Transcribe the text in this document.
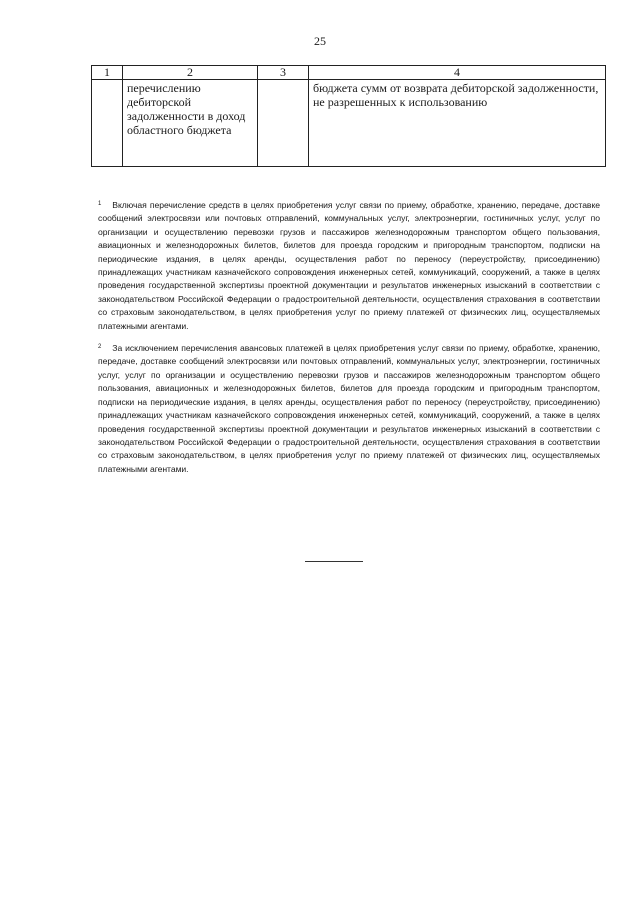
25
1	2	3	4
	перечислению дебиторской задолженности в доход областного бюджета		бюджета сумм от возврата дебиторской задолженности, не разрешенных к использованию

$^1$ Включая перечисление средств в целях приобретения услуг связи по приему, обработке, хранению, передаче, доставке сообщений электросвязи или почтовых отправлений, коммунальных услуг, электроэнергии, гостиничных услуг, услуг по организации и осуществлению перевозки грузов и пассажиров железнодорожным транспортом общего пользования, авиационных и железнодорожных билетов, билетов для проезда городским и пригородным транспортом, подписки на периодические издания, в целях аренды, осуществления работ по переносу (переустройству, присоединению) принадлежащих участникам казначейского сопровождения инженерных сетей, коммуникаций, сооружений, а также в целях проведения государственной экспертизы проектной документации и результатов инженерных изысканий в соответствии с законодательством Российской Федерации о градостроительной деятельности, осуществления страхования в соответствии со страховым законодательством, в целях приобретения услуг по приему платежей от физических лиц, осуществляемых платежными агентами.

$^2$ За исключением перечисления авансовых платежей в целях приобретения услуг связи по приему, обработке, хранению, передаче, доставке сообщений электросвязи или почтовых отправлений, коммунальных услуг, электроэнергии, гостиничных услуг, услуг по организации и осуществлению перевозки грузов и пассажиров железнодорожным транспортом общего пользования, авиационных и железнодорожных билетов, билетов для проезда городским и пригородным транспортом, подписки на периодические издания, в целях аренды, осуществления работ по переносу (переустройству, присоединению) принадлежащих участникам казначейского сопровождения инженерных сетей, коммуникаций, сооружений, а также в целях проведения государственной экспертизы проектной документации и результатов инженерных изысканий в соответствии с законодательством Российской Федерации о градостроительной деятельности, осуществления страхования в соответствии со страховым законодательством, в целях приобретения услуг по приему платежей от физических лиц, осуществляемых платежными агентами.
